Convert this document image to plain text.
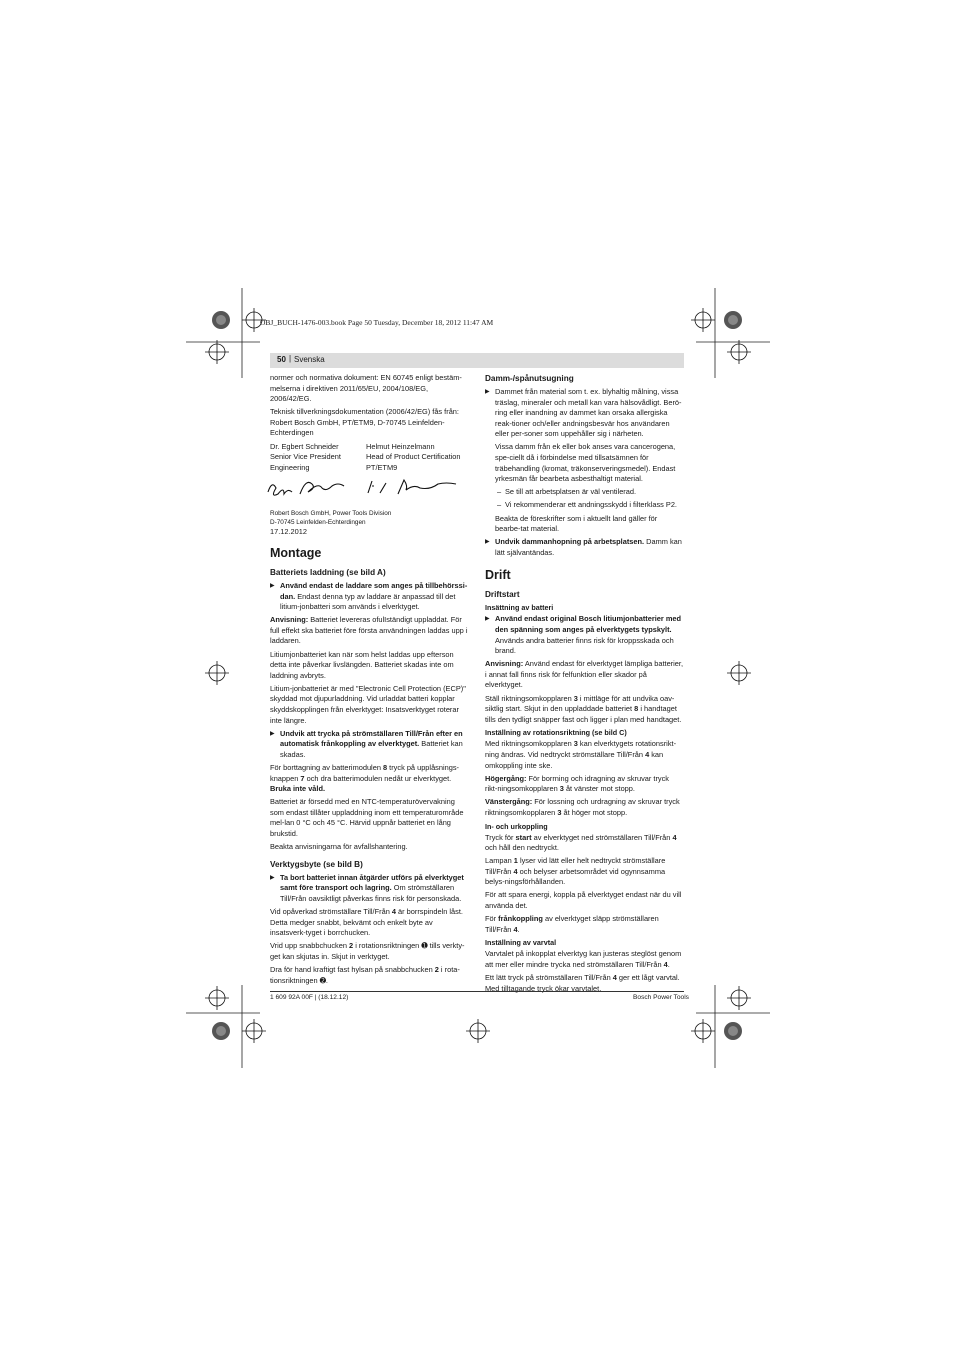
OBJ_BUCH-1476-003.book Page 50 Tuesday, December 18, 2012 11:47 AM
50 | Svenska

normer och normativa dokument: EN 60745 enligt bestäm-melserna i direktiven 2011/65/EU, 2004/108/EG, 2006/42/EG.

Teknisk tillverkningsdokumentation (2006/42/EG) fås från: Robert Bosch GmbH, PT/ETM9, D-70745 Leinfelden-Echterdingen

Dr. Egbert Schneider	Helmut Heinzelmann
Senior Vice President	Head of Product Certification
Engineering	PT/ETM9
Robert Bosch GmbH, Power Tools Division
D-70745 Leinfelden-Echterdingen
17.12.2012
Montage
Batteriets laddning (se bild A)

▶ Använd endast de laddare som anges på tillbehörssi-dan. Endast denna typ av laddare är anpassad till det litium-jonbatteri som används i elverktyget.

Anvisning: Batteriet levereras ofulIständigt uppladdat. För full effekt ska batteriet före första användningen laddas upp i laddaren.

Litiumjonbatteriet kan när som helst laddas upp efterson detta inte påverkar livslängden. Batteriet skadas inte om laddning avbryts.

Litium-jonbatteriet är med "Electronic Cell Protection (ECP)" skyddad mot djupurladdning. Vid urladdat batteri kopplar skyddskopplingen från elverktyget: Insatsverktyget roterar inte längre.

▶ Undvik att trycka på strömställaren Till/Från efter en automatisk frånkoppling av elverktyget. Batteriet kan skadas.

För borttagning av batterimodulen 8 tryck på upplåsnings-knappen 7 och dra batterimodulen nedåt ur elverktyget.
Bruka inte våld.

Batteriet är försedd med en NTC-temperaturövervakning som endast tillåter uppladdning inom ett temperaturområde mel-lan 0 °C och 45 °C. Härvid uppnår batteriet en lång brukstid.

Beakta anvisningarna för avfallshantering.

Verktygsbyte (se bild B)

▶ Ta bort batteriet innan åtgärder utförs på elverktyget samt före transport och lagring. Om strömställaren Till/Från oavsiktligt påverkas finns risk för personskada.

Vid opåverkad strömställare Till/Från 4 är borrspindeln låst. Detta medger snabbt, bekvämt och enkelt byte av insatsverk-tyget i borrchucken.

Vrid upp snabbchucken 2 i rotationsriktningen ➊ tills verkty-get kan skjutas in. Skjut in verktyget.

Dra för hand kraftigt fast hylsan på snabbchucken 2 i rota-tionsriktningen ➋.

Damm-/spånutsugning

▶ Dammet från material som t. ex. blyhaltig målning, vissa träslag, mineraler och metall kan vara hälsovådligt. Berö-ring eller inandning av dammet kan orsaka allergiska reak-tioner och/eller andningsbesvär hos användaren eller per-soner som uppehåller sig i närheten.

Vissa damm från ek eller bok anses vara cancerogena, spe-ciellt då i förbindelse med tillsatsämnen för träbehandling (kromat, träkonserveringsmedel). Endast yrkesmän får bearbeta asbesthaltigt material.

– Se till att arbetsplatsen är väl ventilerad.

– Vi rekommenderar ett andningsskydd i filterklass P2.

Beakta de föreskrifter som i aktuellt land gäller för bearbe-tat material.

▶ Undvik dammanhopning på arbetsplatsen. Damm kan lätt självantändas.

Drift
Driftstart
Insättning av batteri

▶ Använd endast original Bosch litiumjonbatterier med den spänning som anges på elverktygets typskylt.
Används andra batterier finns risk för kroppsskada och brand.

Anvisning: Använd endast för elverktyget lämpliga batterier, i annat fall finns risk för felfunktion eller skador på elverktyget.

Ställ riktningsomkopplaren 3 i mittläge för att undvika oav-siktlig start. Skjut in den uppladdade batteriet 8 i handtaget tills den tydligt snäpper fast och ligger i plan med handtaget.

Inställning av rotationsriktning (se bild C)

Med riktningsomkopplaren 3 kan elverktygets rotationsrikt-ning ändras. Vid nedtryckt strömställare Till/Från 4 kan omkoppling inte ske.

Högergång: För borrning och idragning av skruvar tryck rikt-ningsomkopplaren 3 åt vänster mot stopp.

Vänstergång: För lossning och urdragning av skruvar tryck riktningsomkopplaren 3 åt höger mot stopp.

In- och urkoppling

Tryck för start av elverktyget ned strömställaren Till/Från 4 och håll den nedtryckt.

Lampan 1 lyser vid lätt eller helt nedtryckt strömställare Till/Från 4 och belyser arbetsområdet vid ogynnsamma belys-ningsförhållanden.

För att spara energi, koppla på elverktyget endast när du vill använda det.

För frånkoppling av elverktyget släpp strömställaren Till/Från 4.

Inställning av varvtal

Varvtalet på inkopplat elverktyg kan justeras steglöst genom att mer eller mindre trycka ned strömställaren Till/Från 4.

Ett lätt tryck på strömställaren Till/Från 4 ger ett lågt varvtal. Med tilltagande tryck ökar varvtalet.

1 609 92A 00F | (18.12.12)	Bosch Power Tools
